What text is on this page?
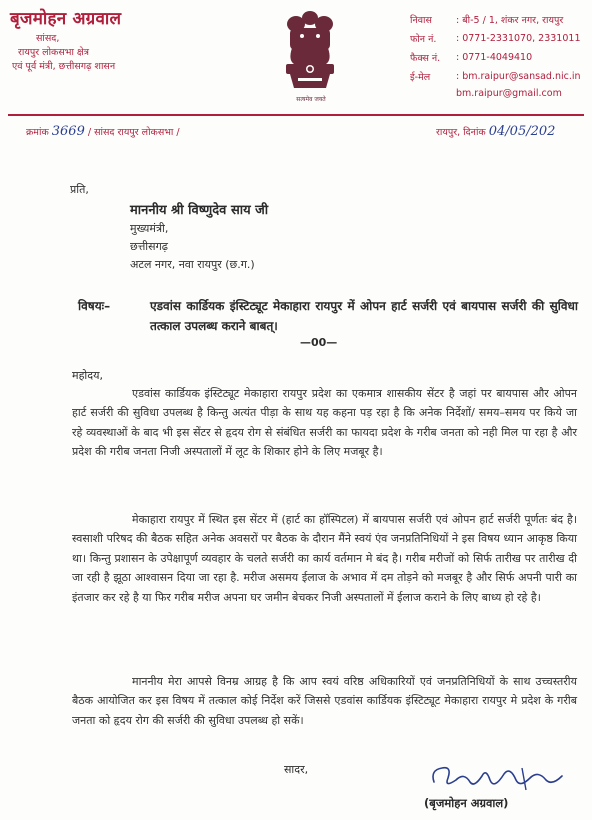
बृजमोहन अग्रवाल
सांसद,
रायपुर लोकसभा क्षेत्र
एवं पूर्व मंत्री, छत्तीसगढ़ शासन
सत्यमेव जयते
निवास	: बी-5 / 1, शंकर नगर, रायपुर
फोन नं.	: 0771-2331070, 2331011
फैक्स नं.	: 0771-4049410
ई-मेल	: bm.raipur@sansad.nic.in
bm.raipur@gmail.com
क्रमांक 3669 / सांसद रायपुर लोकसभा /	रायपुर, दिनांक 04/05/202
प्रति,
माननीय श्री विष्णुदेव साय जी
मुख्यमंत्री,
छत्तीसगढ़
अटल नगर, नवा रायपुर (छ.ग.)
विषयः–	एडवांस कार्डियक इंस्टिट्यूट मेकाहारा रायपुर में ओपन हार्ट सर्जरी एवं बायपास सर्जरी की सुविधा तत्काल उपलब्ध कराने बाबत्।
—00—
महोदय,
एडवांस कार्डियक इंस्टिट्यूट मेकाहारा रायपुर प्रदेश का एकमात्र शासकीय सेंटर है जहां पर बायपास और ओपन हार्ट सर्जरी की सुविधा उपलब्ध है किन्तु अत्यंत पीड़ा के साथ यह कहना पड़ रहा है कि अनेक निर्देशों/ समय–समय पर किये जा रहे व्यवस्थाओं के बाद भी इस सेंटर से हृदय रोग से संबंधित सर्जरी का फायदा प्रदेश के गरीब जनता को नही मिल पा रहा है और प्रदेश की गरीब जनता निजी अस्पतालों में लूट के शिकार होने के लिए मजबूर है।
मेकाहारा रायपुर में स्थित इस सेंटर में (हार्ट का हॉस्पिटल) में बायपास सर्जरी एवं ओपन हार्ट सर्जरी पूर्णतः बंद है। स्वसाशी परिषद की बैठक सहित अनेक अवसरों पर बैठक के दौरान मैंने स्वयं एंव जनप्रतिनिधियों ने इस विषय ध्यान आकृष्ठ किया था। किन्तु प्रशासन के उपेक्षापूर्ण व्यवहार के चलते सर्जरी का कार्य वर्तमान मे बंद है। गरीब मरीजों को सिर्फ तारीख पर तारीख दी जा रही है झूठा आश्वासन दिया जा रहा है. मरीज असमय ईलाज के अभाव में दम तोड़ने को मजबूर है और सिर्फ अपनी पारी का इंतजार कर रहे है या फिर गरीब मरीज अपना घर जमीन बेचकर निजी अस्पतालों में ईलाज कराने के लिए बाध्य हो रहे है।
माननीय मेरा आपसे विनम्र आग्रह है कि आप स्वयं वरिष्ठ अधिकारियों एवं जनप्रतिनिधियों के साथ उच्चस्तरीय बैठक आयोजित कर इस विषय में तत्काल कोई निर्देश करें जिससे एडवांस कार्डियक इंस्टिट्यूट मेकाहारा रायपुर मे प्रदेश के गरीब जनता को हृदय रोग की सर्जरी की सुविधा उपलब्ध हो सकें।
सादर,
(बृजमोहन अग्रवाल)
